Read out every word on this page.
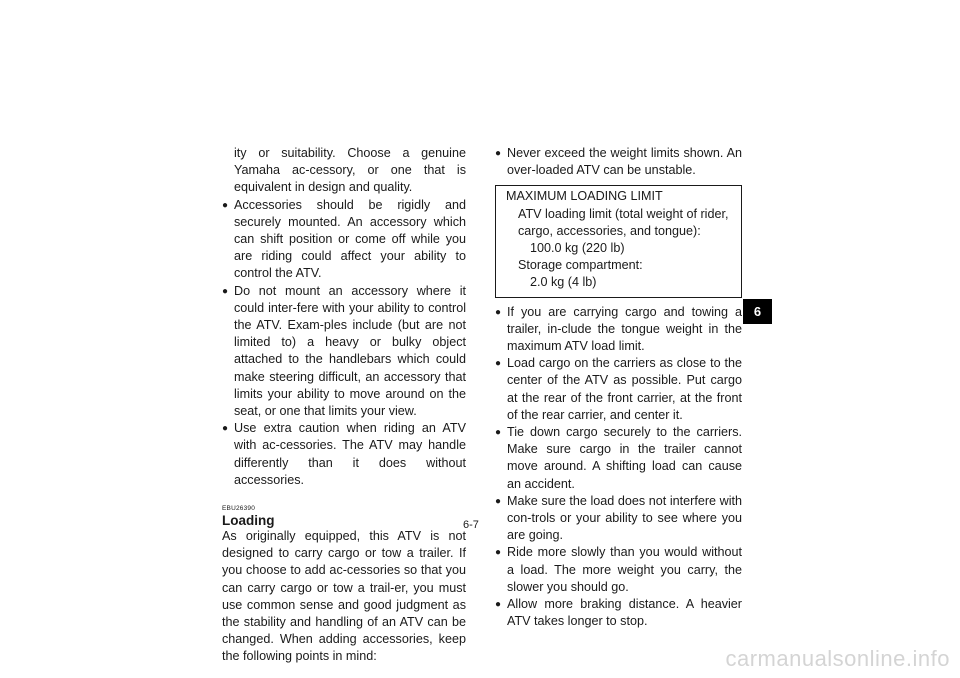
ity or suitability. Choose a genuine Yamaha ac-cessory, or one that is equivalent in design and quality.
● Accessories should be rigidly and securely mounted. An accessory which can shift position or come off while you are riding could affect your ability to control the ATV.
● Do not mount an accessory where it could inter-fere with your ability to control the ATV. Exam-ples include (but are not limited to) a heavy or bulky object attached to the handlebars which could make steering difficult, an accessory that limits your ability to move around on the seat, or one that limits your view.
● Use extra caution when riding an ATV with ac-cessories. The ATV may handle differently than it does without accessories.
EBU26390
Loading
As originally equipped, this ATV is not designed to carry cargo or tow a trailer. If you choose to add ac-cessories so that you can carry cargo or tow a trail-er, you must use common sense and good judgment as the stability and handling of an ATV can be changed. When adding accessories, keep the following points in mind:
● Never exceed the weight limits shown. An over-loaded ATV can be unstable.
MAXIMUM LOADING LIMIT
ATV loading limit (total weight of rider, cargo, accessories, and tongue):
100.0 kg (220 lb)
Storage compartment:
2.0 kg (4 lb)
● If you are carrying cargo and towing a trailer, in-clude the tongue weight in the maximum ATV load limit.
● Load cargo on the carriers as close to the center of the ATV as possible. Put cargo at the rear of the front carrier, at the front of the rear carrier, and center it.
● Tie down cargo securely to the carriers. Make sure cargo in the trailer cannot move around. A shifting load can cause an accident.
● Make sure the load does not interfere with con-trols or your ability to see where you are going.
● Ride more slowly than you would without a load. The more weight you carry, the slower you should go.
● Allow more braking distance. A heavier ATV takes longer to stop.
6
6-7
carmanualsonline.info
